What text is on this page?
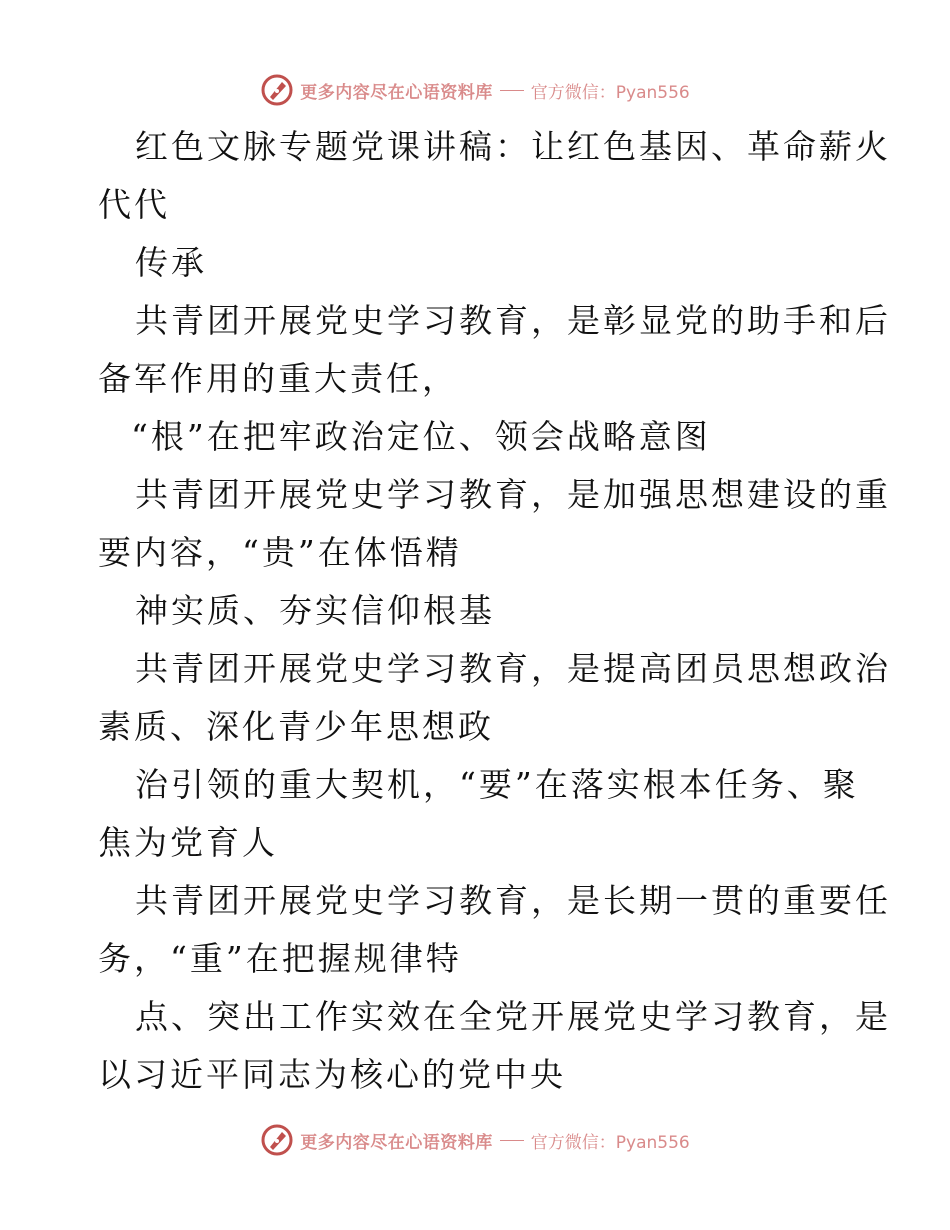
更多内容尽在心语资料库 官方微信：Pyan556
红色文脉专题党课讲稿：让红色基因、革命薪火
代代
传承
共青团开展党史学习教育，是彰显党的助手和后
备军作用的重大责任，
“根”在把牢政治定位、领会战略意图
共青团开展党史学习教育，是加强思想建设的重
要内容，“贵”在体悟精
神实质、夯实信仰根基
共青团开展党史学习教育，是提高团员思想政治
素质、深化青少年思想政
治引领的重大契机，“要”在落实根本任务、聚
焦为党育人
共青团开展党史学习教育，是长期一贯的重要任
务，“重”在把握规律特
点、突出工作实效在全党开展党史学习教育，是
以习近平同志为核心的党中央
更多内容尽在心语资料库 官方微信：Pyan556
